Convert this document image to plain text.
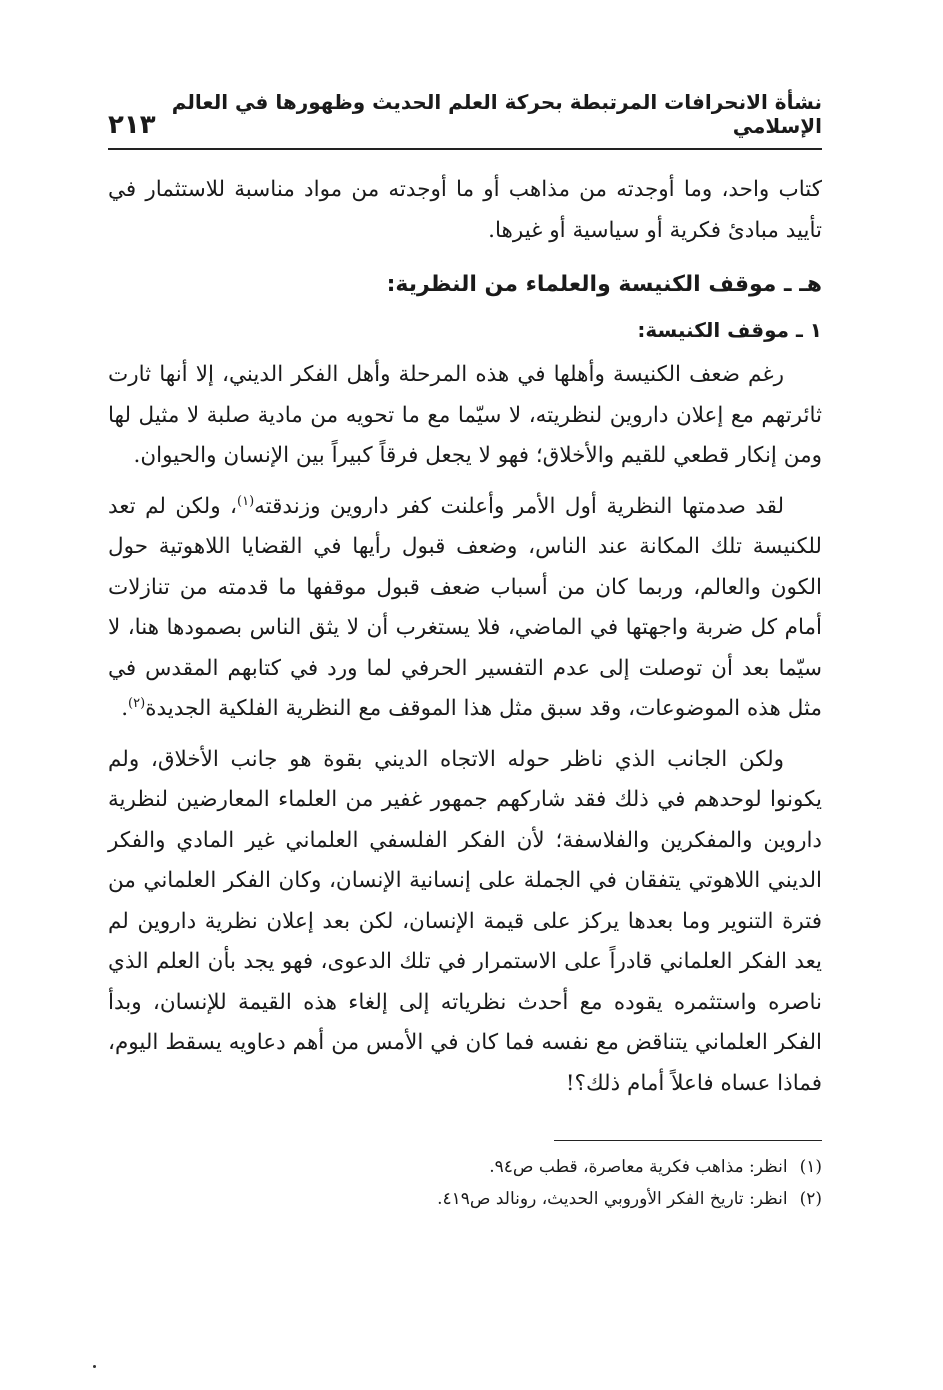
نشأة الانحرافات المرتبطة بحركة العلم الحديث وظهورها في العالم الإسلامي
٢١٣

كتاب واحد، وما أوجدته من مذاهب أو ما أوجدته من مواد مناسبة للاستثمار في تأييد مبادئ فكرية أو سياسية أو غيرها.

هـ ـ موقف الكنيسة والعلماء من النظرية:
١ ـ موقف الكنيسة:

رغم ضعف الكنيسة وأهلها في هذه المرحلة وأهل الفكر الديني، إلا أنها ثارت ثائرتهم مع إعلان داروين لنظريته، لا سيّما مع ما تحويه من مادية صلبة لا مثيل لها ومن إنكار قطعي للقيم والأخلاق؛ فهو لا يجعل فرقاً كبيراً بين الإنسان والحيوان.

لقد صدمتها النظرية أول الأمر وأعلنت كفر داروين وزندقته$^{(١)}$، ولكن لم تعد للكنيسة تلك المكانة عند الناس، وضعف قبول رأيها في القضايا اللاهوتية حول الكون والعالم، وربما كان من أسباب ضعف قبول موقفها ما قدمته من تنازلات أمام كل ضربة واجهتها في الماضي، فلا يستغرب أن لا يثق الناس بصمودها هنا، لا سيّما بعد أن توصلت إلى عدم التفسير الحرفي لما ورد في كتابهم المقدس في مثل هذه الموضوعات، وقد سبق مثل هذا الموقف مع النظرية الفلكية الجديدة$^{(٢)}$.

ولكن الجانب الذي ناظر حوله الاتجاه الديني بقوة هو جانب الأخلاق، ولم يكونوا لوحدهم في ذلك فقد شاركهم جمهور غفير من العلماء المعارضين لنظرية داروين والمفكرين والفلاسفة؛ لأن الفكر الفلسفي العلماني غير المادي والفكر الديني اللاهوتي يتفقان في الجملة على إنسانية الإنسان، وكان الفكر العلماني من فترة التنوير وما بعدها يركز على قيمة الإنسان، لكن بعد إعلان نظرية داروين لم يعد الفكر العلماني قادراً على الاستمرار في تلك الدعوى، فهو يجد بأن العلم الذي ناصره واستثمره يقوده مع أحدث نظرياته إلى إلغاء هذه القيمة للإنسان، وبدأ الفكر العلماني يتناقض مع نفسه فما كان في الأمس من أهم دعاويه يسقط اليوم، فماذا عساه فاعلاً أمام ذلك؟!

(١)
انظر: مذاهب فكرية معاصرة، قطب ص٩٤.
(٢)
انظر: تاريخ الفكر الأوروبي الحديث، رونالد ص٤١٩.
